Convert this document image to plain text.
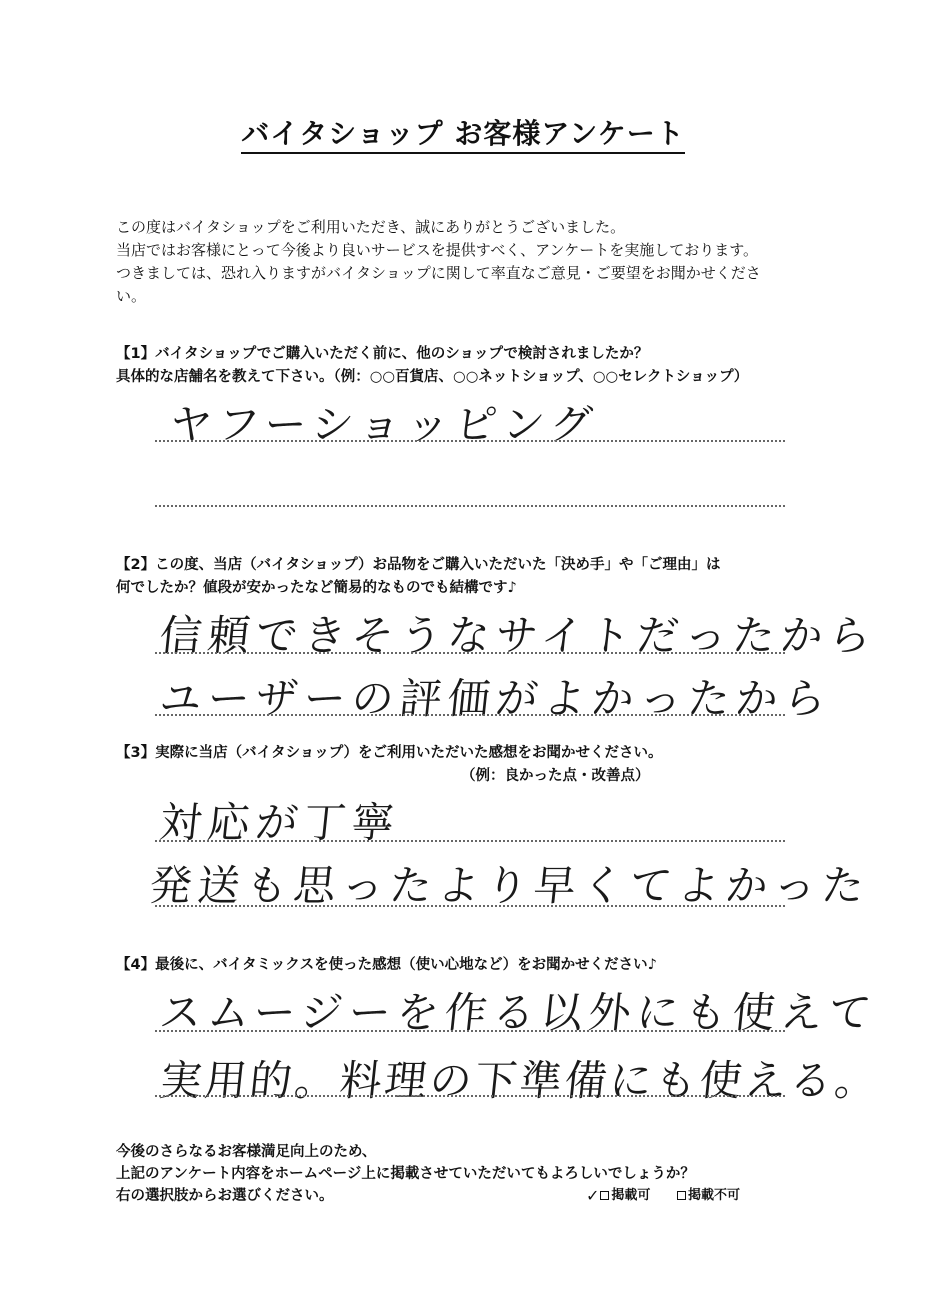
バイタショップ お客様アンケート
この度はバイタショップをご利用いただき、誠にありがとうございました。
当店ではお客様にとって今後より良いサービスを提供すべく、アンケートを実施しております。
つきましては、恐れ入りますがバイタショップに関して率直なご意見・ご要望をお聞かせくださ
い。
【1】バイタショップでご購入いただく前に、他のショップで検討されましたか？
具体的な店舗名を教えて下さい。（例：○○百貨店、○○ネットショップ、○○セレクトショップ）
ヤフーショッピング
【2】この度、当店（バイタショップ）お品物をご購入いただいた「決め手」や「ご理由」は
何でしたか？値段が安かったなど簡易的なものでも結構です♪
信頼できそうなサイトだったから
ユーザーの評価がよかったから
【3】実際に当店（バイタショップ）をご利用いただいた感想をお聞かせください。
（例：良かった点・改善点）
対応が丁寧
発送も思ったより早くてよかった
【4】最後に、バイタミックスを使った感想（使い心地など）をお聞かせください♪
スムージーを作る以外にも使えて
実用的。料理の下準備にも使える。
今後のさらなるお客様満足向上のため、
上記のアンケート内容をホームページ上に掲載させていただいてもよろしいでしょうか？
右の選択肢からお選びください。	✓ 掲載可	掲載不可
